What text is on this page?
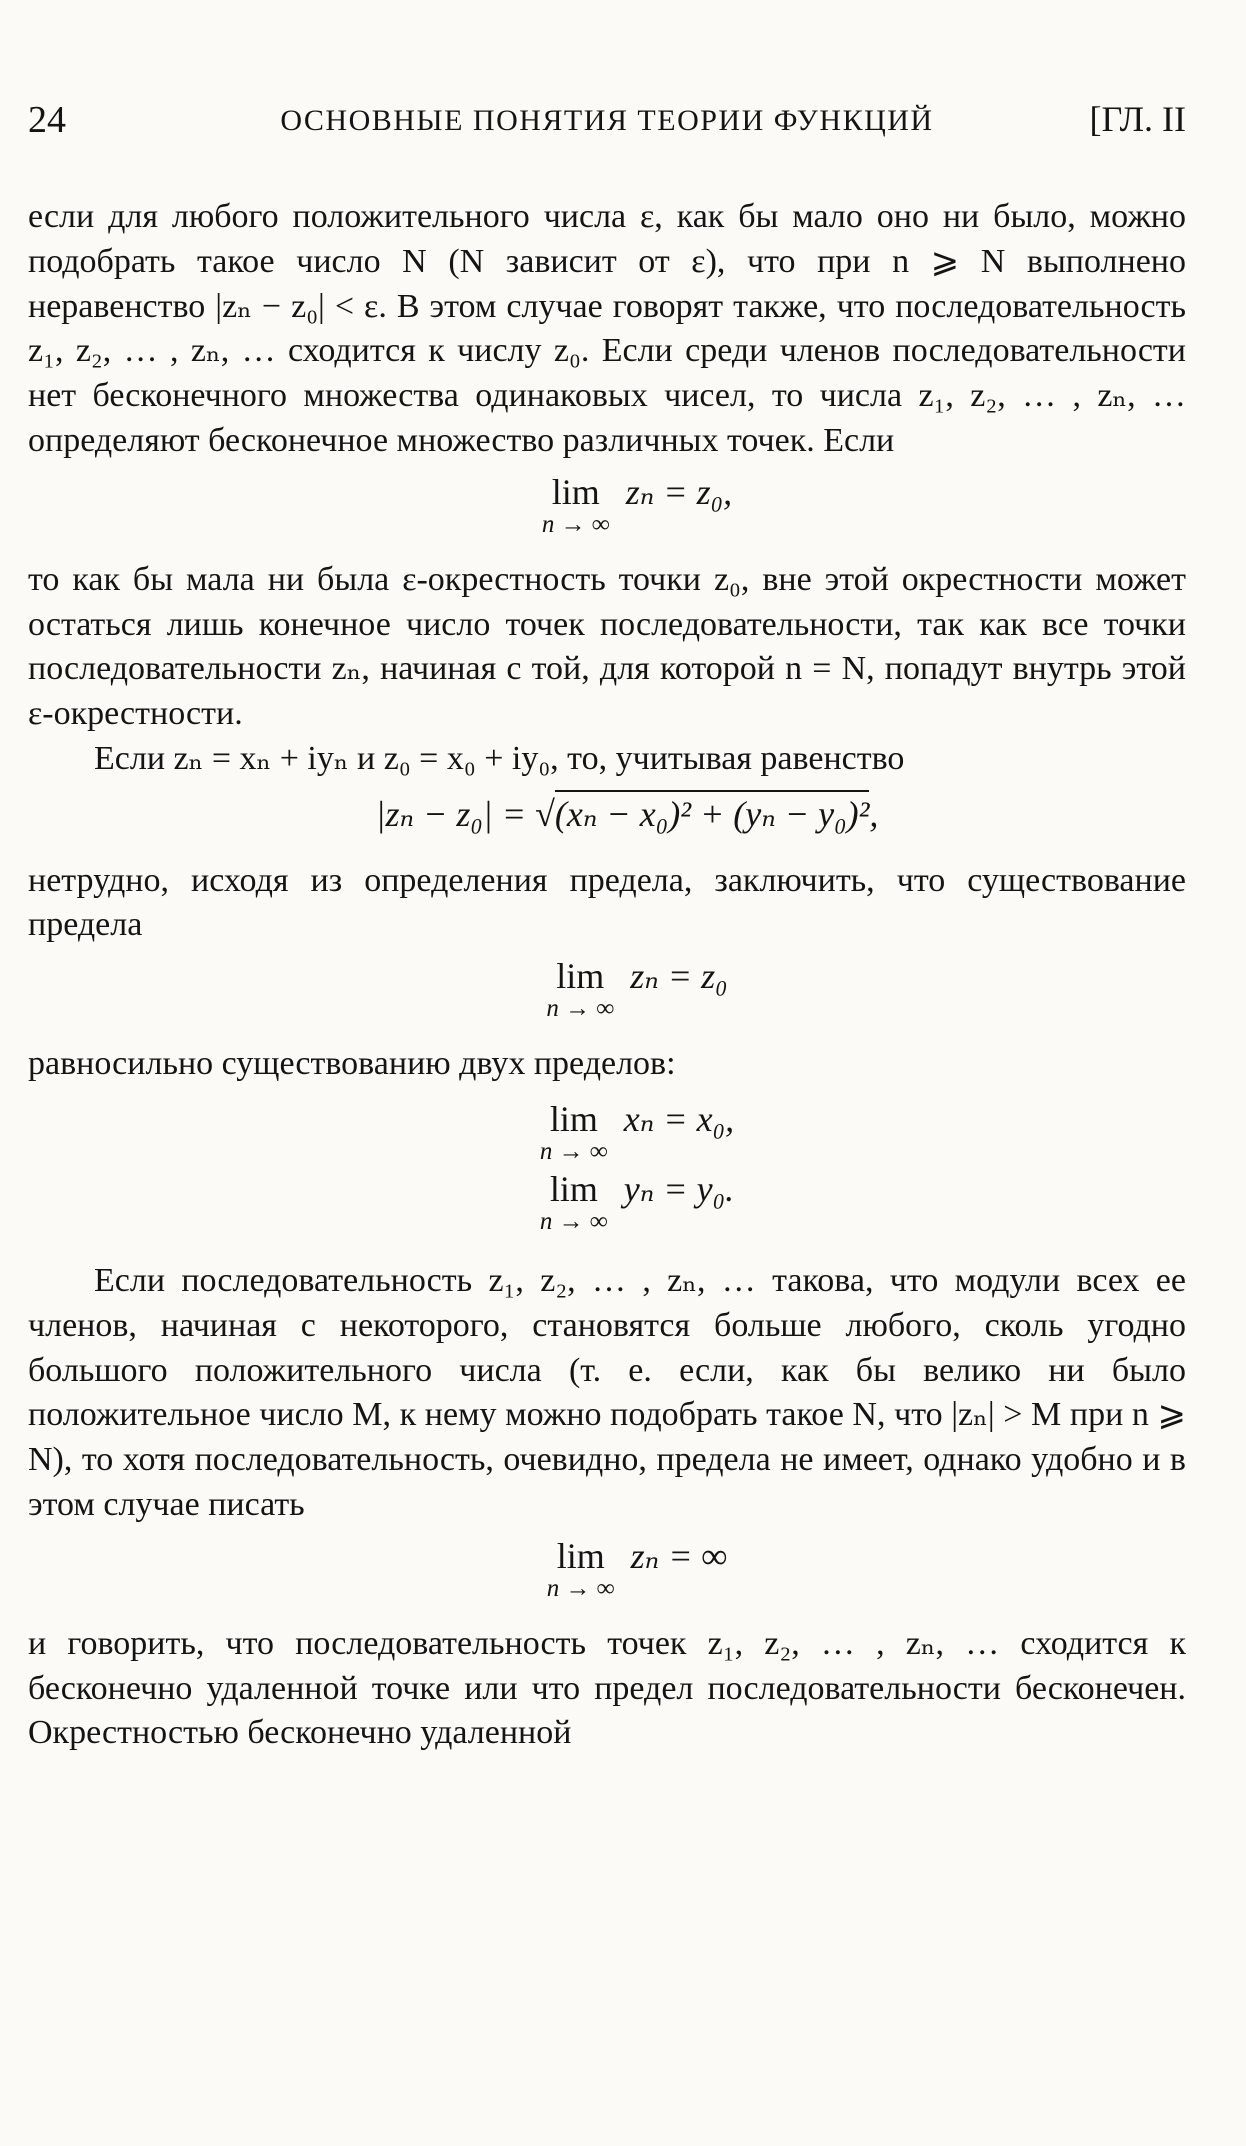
24	ОСНОВНЫЕ ПОНЯТИЯ ТЕОРИИ ФУНКЦИЙ	[ГЛ. II

если для любого положительного числа ε, как бы мало оно ни было, можно подобрать такое число N (N зависит от ε), что при n ⩾ N выполнено неравенство |zₙ − z₀| < ε. В этом случае говорят также, что последовательность z₁, z₂, … , zₙ, … сходится к числу z₀. Если среди членов последовательности нет бесконечного множества одинаковых чисел, то числа z₁, z₂, … , zₙ, … определяют бесконечное множество различных точек. Если

lim
n → ∞
zₙ = z₀,

то как бы мала ни была ε-окрестность точки z₀, вне этой окрестности может остаться лишь конечное число точек последовательности, так как все точки последовательности zₙ, начиная с той, для которой n = N, попадут внутрь этой ε-окрестности.

Если zₙ = xₙ + iyₙ и z₀ = x₀ + iy₀, то, учитывая равенство

|zₙ − z₀| = √(xₙ − x₀)² + (yₙ − y₀)²,

нетрудно, исходя из определения предела, заключить, что существование предела

lim
n → ∞
zₙ = z₀

равносильно существованию двух пределов:

lim
n → ∞
xₙ = x₀,
lim
n → ∞
yₙ = y₀.

Если последовательность z₁, z₂, … , zₙ, … такова, что модули всех ее членов, начиная с некоторого, становятся больше любого, сколь угодно большого положительного числа (т. е. если, как бы велико ни было положительное число M, к нему можно подобрать такое N, что |zₙ| > M при n ⩾ N), то хотя последовательность, очевидно, предела не имеет, однако удобно и в этом случае писать

lim
n → ∞
zₙ = ∞

и говорить, что последовательность точек z₁, z₂, … , zₙ, … сходится к бесконечно удаленной точке или что предел последовательности бесконечен. Окрестностью бесконечно удаленной
